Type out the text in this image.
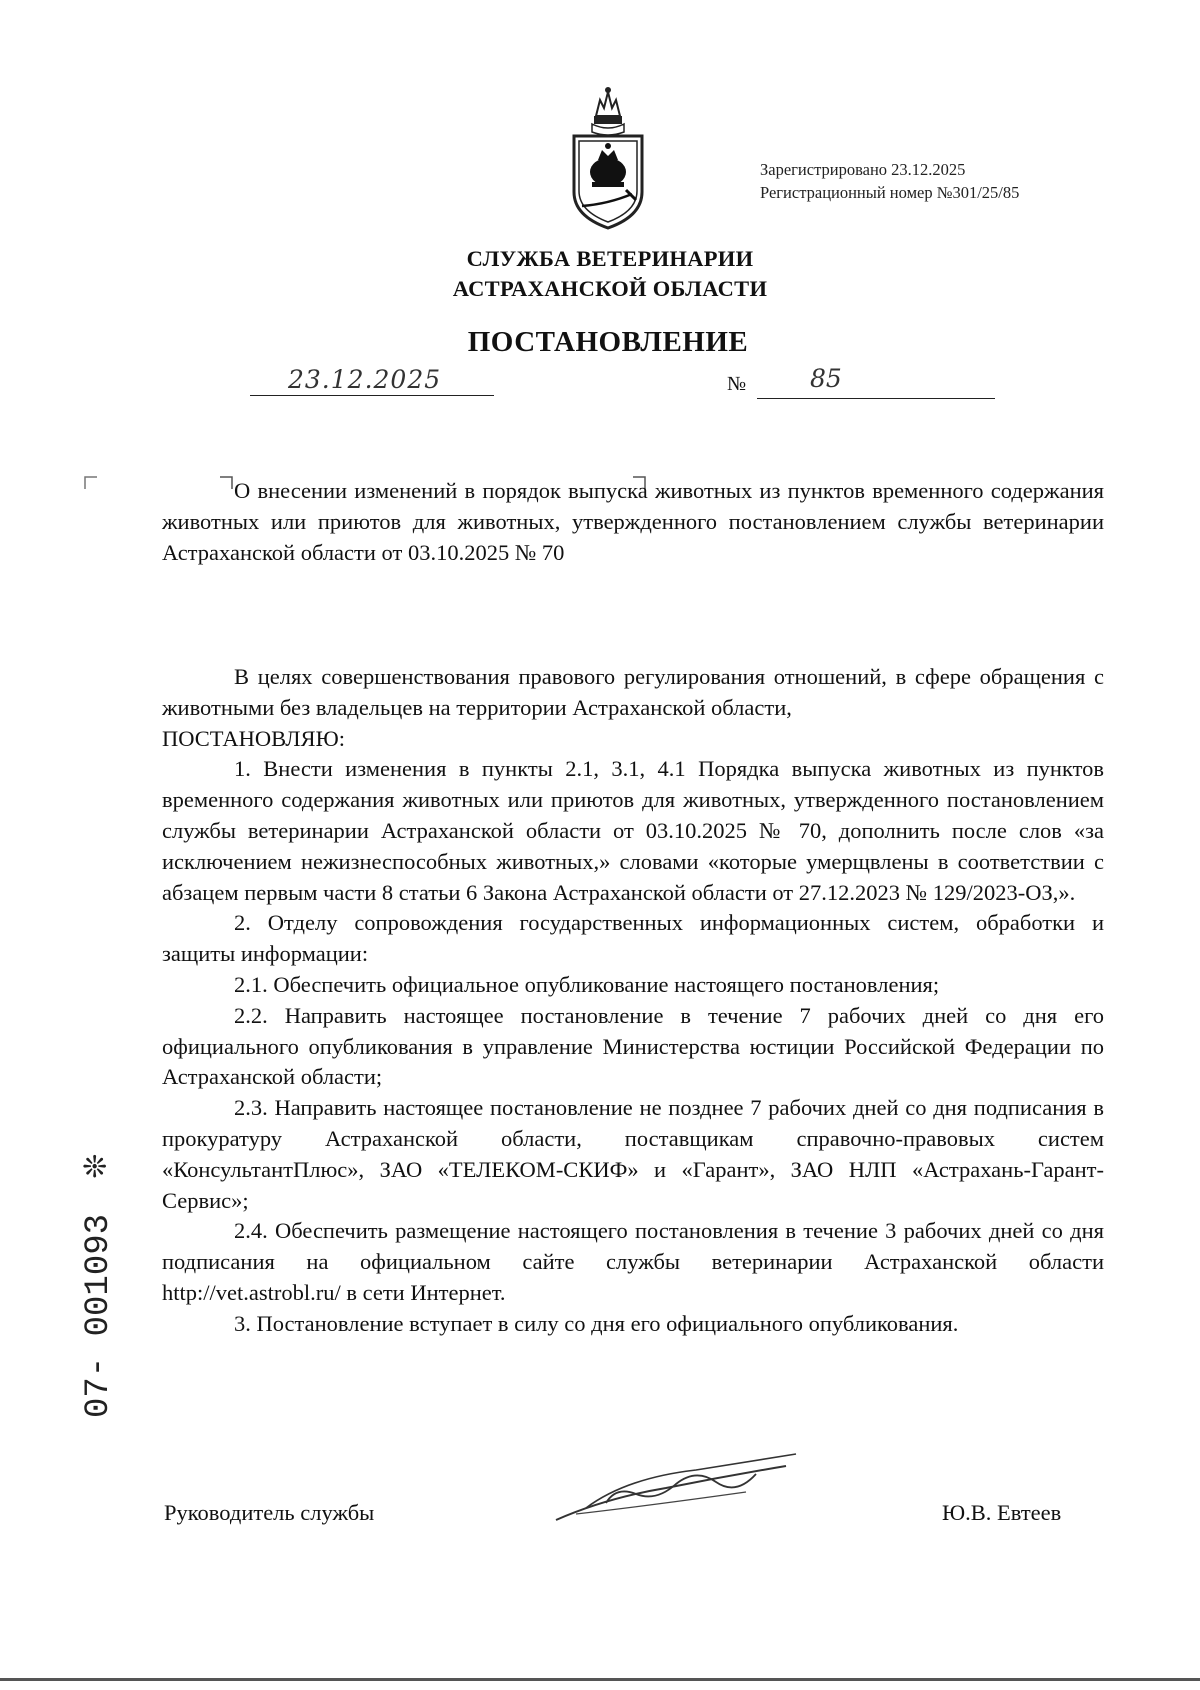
Зарегистрировано 23.12.2025
Регистрационный номер №301/25/85
СЛУЖБА ВЕТЕРИНАРИИ
АСТРАХАНСКОЙ ОБЛАСТИ
ПОСТАНОВЛЕНИЕ
23.12.2025	№	85

О внесении изменений в порядок выпуска животных из пунктов временного содержания животных или приютов для животных, утвержденного постановлением службы ветеринарии Астраханской области от 03.10.2025 № 70

В целях совершенствования правового регулирования отношений, в сфере обращения с животными без владельцев на территории Астраханской области,

ПОСТАНОВЛЯЮ:

1. Внести изменения в пункты 2.1, 3.1, 4.1 Порядка выпуска животных из пунктов временного содержания животных или приютов для животных, утвержденного постановлением службы ветеринарии Астраханской области от 03.10.2025 № 70, дополнить после слов «за исключением нежизнеспособных животных,» словами «которые умерщвлены в соответствии с абзацем первым части 8 статьи 6 Закона Астраханской области от 27.12.2023 № 129/2023-ОЗ,».

2. Отделу сопровождения государственных информационных систем, обработки и защиты информации:

2.1. Обеспечить официальное опубликование настоящего постановления;

2.2. Направить настоящее постановление в течение 7 рабочих дней со дня его официального опубликования в управление Министерства юстиции Российской Федерации по Астраханской области;

2.3. Направить настоящее постановление не позднее 7 рабочих дней со дня подписания в прокуратуру Астраханской области, поставщикам справочно-правовых систем «КонсультантПлюс», ЗАО «ТЕЛЕКОМ-СКИФ» и «Гарант», ЗАО НЛП «Астрахань-Гарант-Сервис»;

2.4. Обеспечить размещение настоящего постановления в течение 3 рабочих дней со дня подписания на официальном сайте службы ветеринарии Астраханской области http://vet.astrobl.ru/ в сети Интернет.

3. Постановление вступает в силу со дня его официального опубликования.

Руководитель службы	Ю.В. Евтеев
❊
07- 001093
